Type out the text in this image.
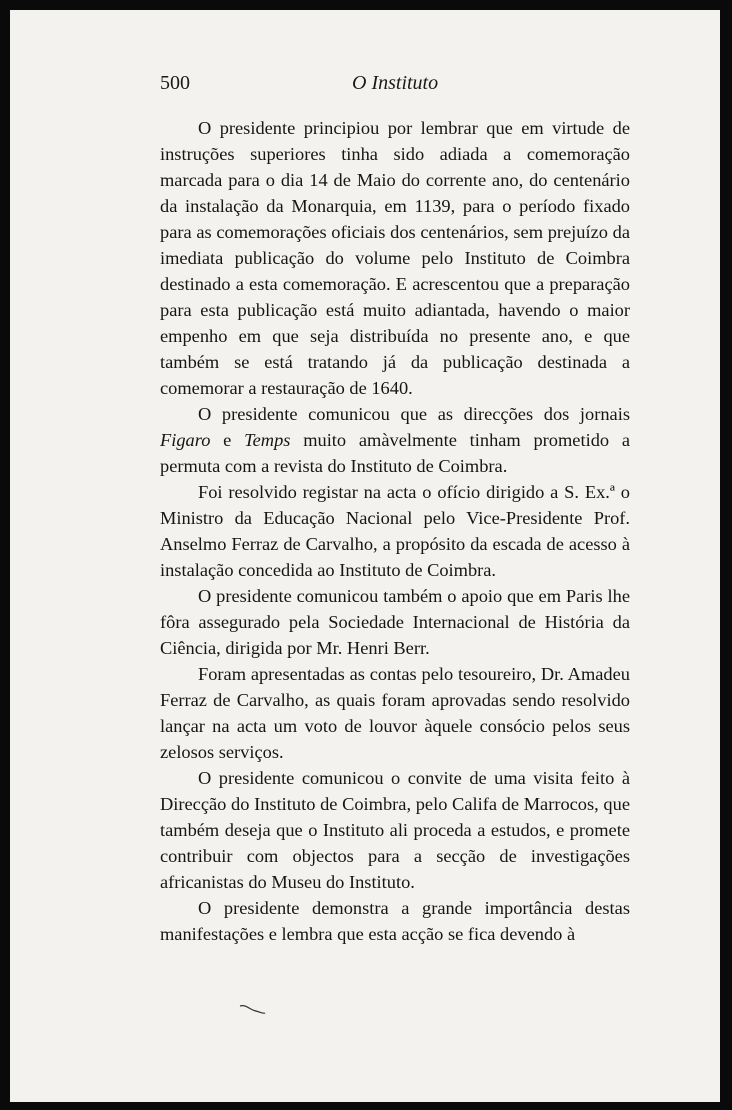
500	O Instituto

O presidente principiou por lembrar que em virtude de instruções superiores tinha sido adiada a comemoração marcada para o dia 14 de Maio do corrente ano, do centenário da instalação da Monarquia, em 1139, para o período fixado para as comemorações oficiais dos centenários, sem prejuízo da imediata publicação do volume pelo Instituto de Coimbra destinado a esta comemoração. E acrescentou que a preparação para esta publicação está muito adiantada, havendo o maior empenho em que seja distribuída no presente ano, e que também se está tratando já da publicação destinada a comemorar a restauração de 1640.

O presidente comunicou que as direcções dos jornais Figaro e Temps muito amàvelmente tinham prometido a permuta com a revista do Instituto de Coimbra.

Foi resolvido registar na acta o ofício dirigido a S. Ex.ª o Ministro da Educação Nacional pelo Vice-Presidente Prof. Anselmo Ferraz de Carvalho, a propósito da escada de acesso à instalação concedida ao Instituto de Coimbra.

O presidente comunicou também o apoio que em Paris lhe fôra assegurado pela Sociedade Internacional de História da Ciência, dirigida por Mr. Henri Berr.

Foram apresentadas as contas pelo tesoureiro, Dr. Amadeu Ferraz de Carvalho, as quais foram aprovadas sendo resolvido lançar na acta um voto de louvor àquele consócio pelos seus zelosos serviços.

O presidente comunicou o convite de uma visita feito à Direcção do Instituto de Coimbra, pelo Califa de Marrocos, que também deseja que o Instituto ali proceda a estudos, e promete contribuir com objectos para a secção de investigações africanistas do Museu do Instituto.

O presidente demonstra a grande importância destas manifestações e lembra que esta acção se fica devendo à
